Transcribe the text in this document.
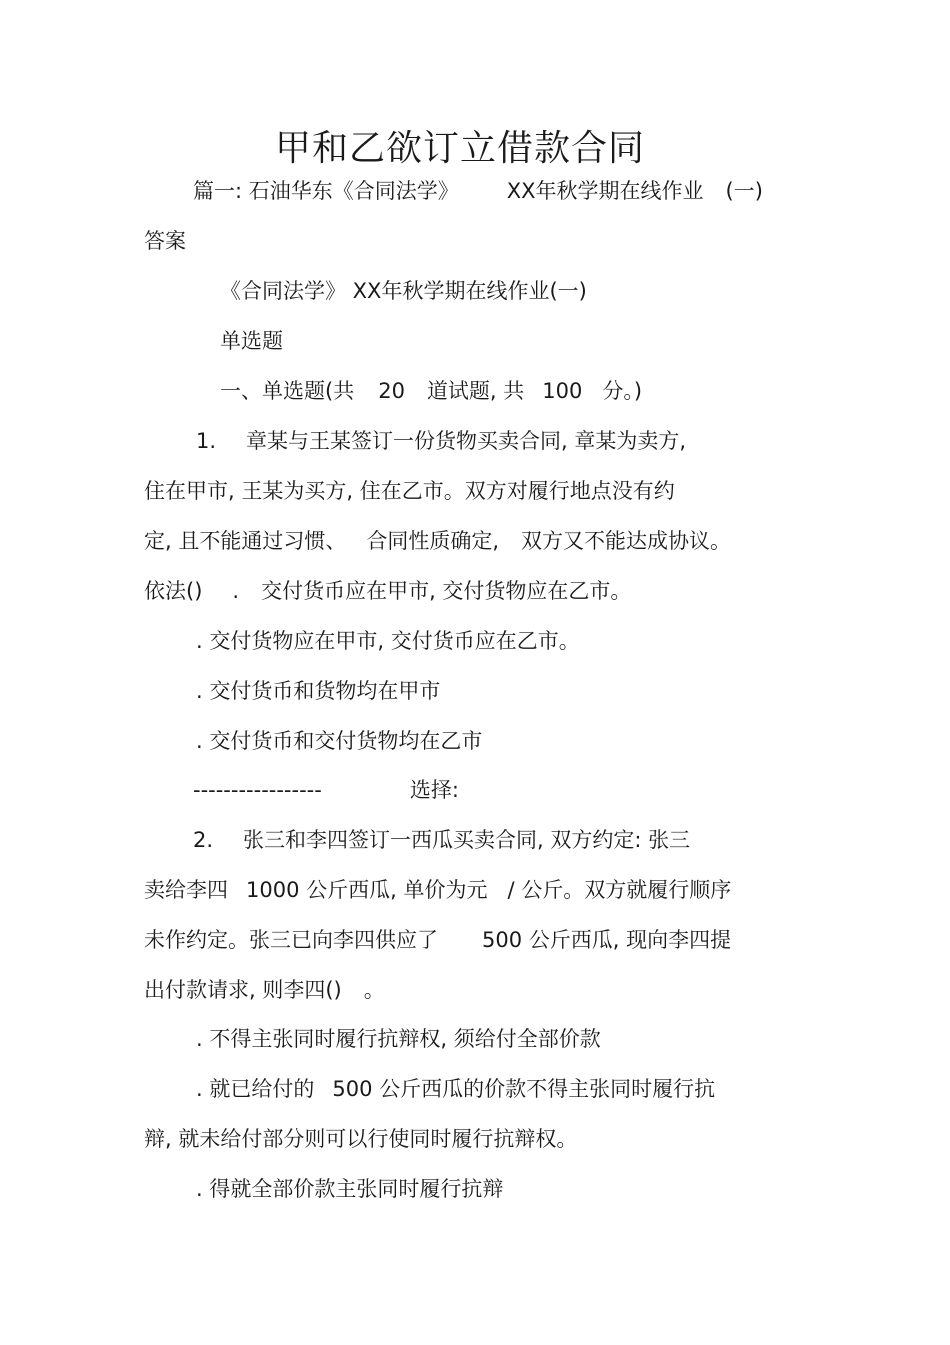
甲和乙欲订立借款合同
篇一: 石油华东《合同法学》 XX年秋学期在线作业 (一)
答案
《合同法学》 XX年秋学期在线作业(一)
单选题
一、单选题(共 20 道试题, 共 100 分。)
1. 章某与王某签订一份货物买卖合同, 章某为卖方,
住在甲市, 王某为买方, 住在乙市。双方对履行地点没有约
定, 且不能通过习惯、 合同性质确定, 双方又不能达成协议。
依法() . 交付货币应在甲市, 交付货物应在乙市。
. 交付货物应在甲市, 交付货币应在乙市。
. 交付货币和货物均在甲市
. 交付货币和交付货物均在乙市
-----------------	选择:
2. 张三和李四签订一西瓜买卖合同, 双方约定: 张三
卖给李四 1000 公斤西瓜, 单价为元 / 公斤。双方就履行顺序
未作约定。张三已向李四供应了 500 公斤西瓜, 现向李四提
出付款请求, 则李四() 。
. 不得主张同时履行抗辩权, 须给付全部价款
. 就已给付的 500 公斤西瓜的价款不得主张同时履行抗
辩, 就未给付部分则可以行使同时履行抗辩权。
. 得就全部价款主张同时履行抗辩
